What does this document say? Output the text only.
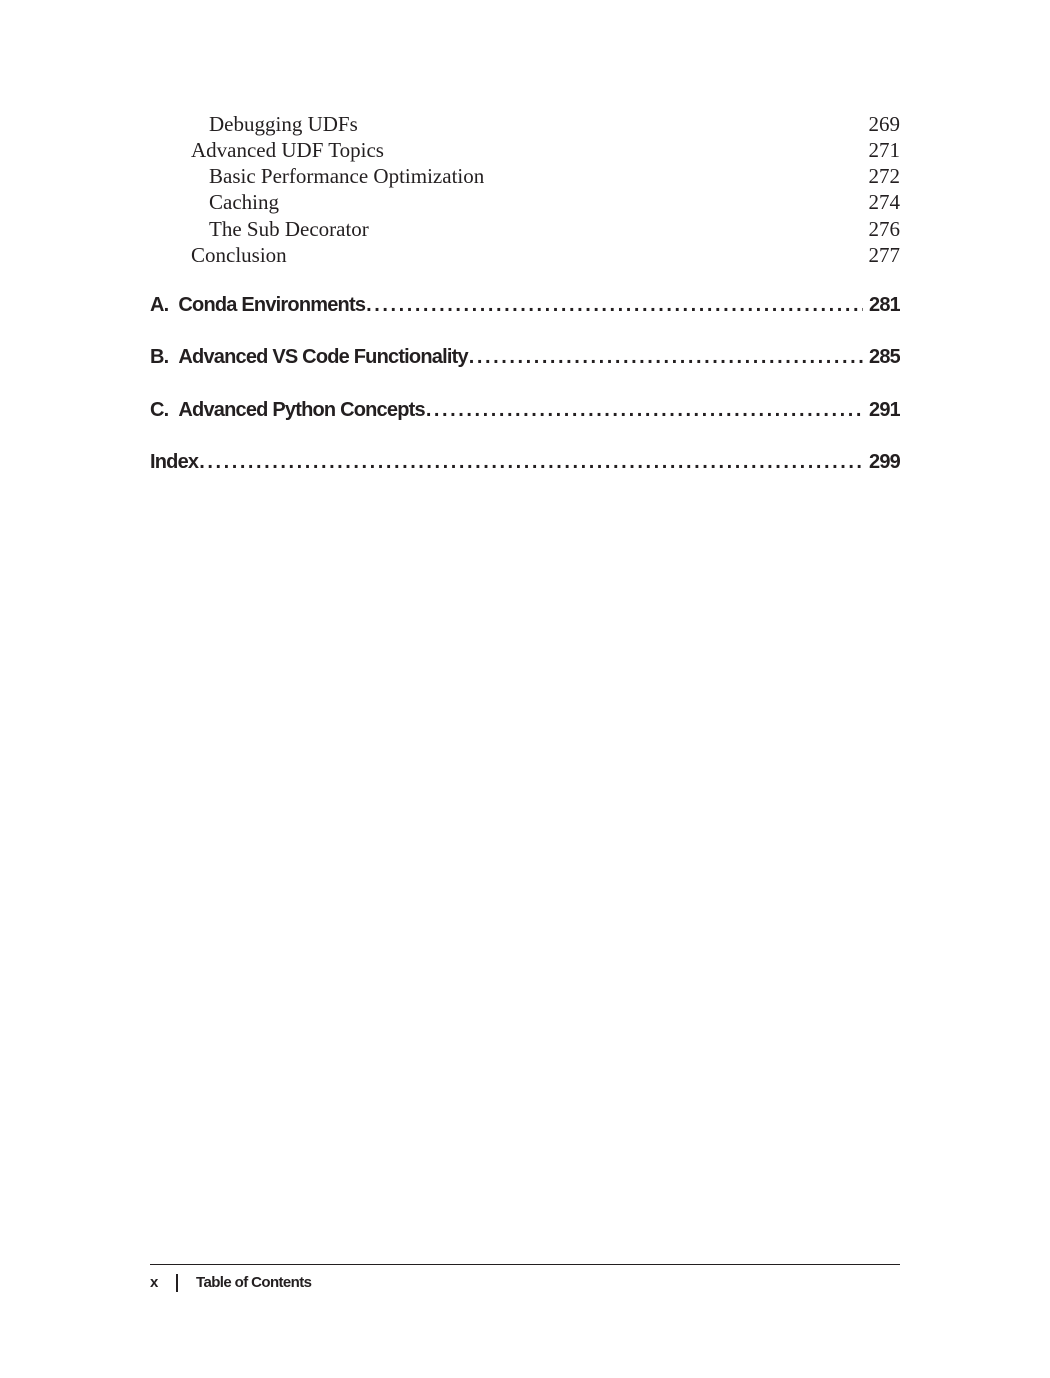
Debugging UDFs	269
Advanced UDF Topics	271
Basic Performance Optimization	272
Caching	274
The Sub Decorator	276
Conclusion	277
A. Conda Environments . . .	281
B. Advanced VS Code Functionality . . .	285
C. Advanced Python Concepts . . .	291
Index . . .	299
x	Table of Contents
